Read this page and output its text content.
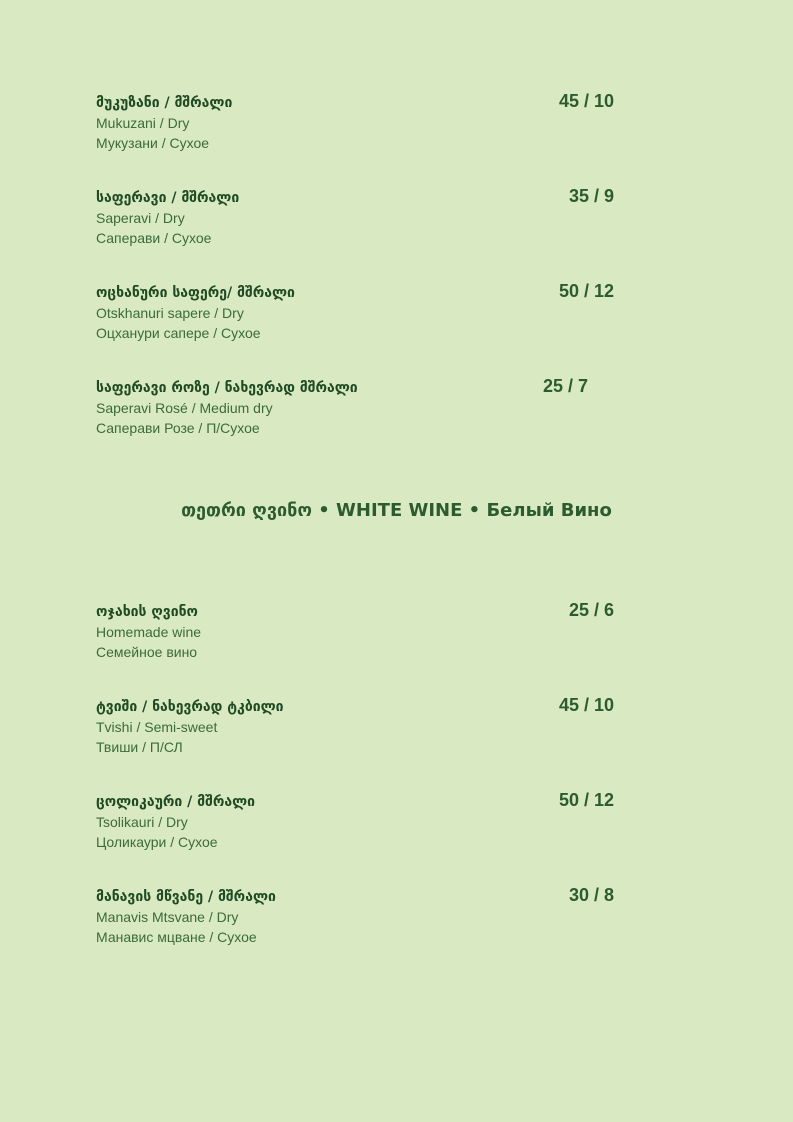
მუკუზანი / მშრალი
Mukuzani / Dry
Мукузани / Сухое
45 / 10
საფერავი / მშრალი
Saperavi / Dry
Саперави / Сухое
35 / 9
ოცხანური საფერე/ მშრალი
Otskhanuri sapere / Dry
Оцханури сапере / Сухое
50 / 12
საფერავი როზე / ნახევრად მშრალი
Saperavi Rosé / Medium dry
Саперави Розе / П/Сухое
25 / 7
თეთრი ღვინო • WHITE WINE • Белый Вино
ოჯახის ღვინო
Homemade wine
Семейное вино
25 / 6
ტვიში / ნახევრად ტკბილი
Tvishi / Semi-sweet
Твиши / П/СЛ
45 / 10
ცოლიკაური / მშრალი
Tsolikauri / Dry
Цоликаури / Сухое
50 / 12
მანავის მწვანე / მშრალი
Manavis Mtsvane / Dry
Манавис мцване / Сухое
30 / 8
